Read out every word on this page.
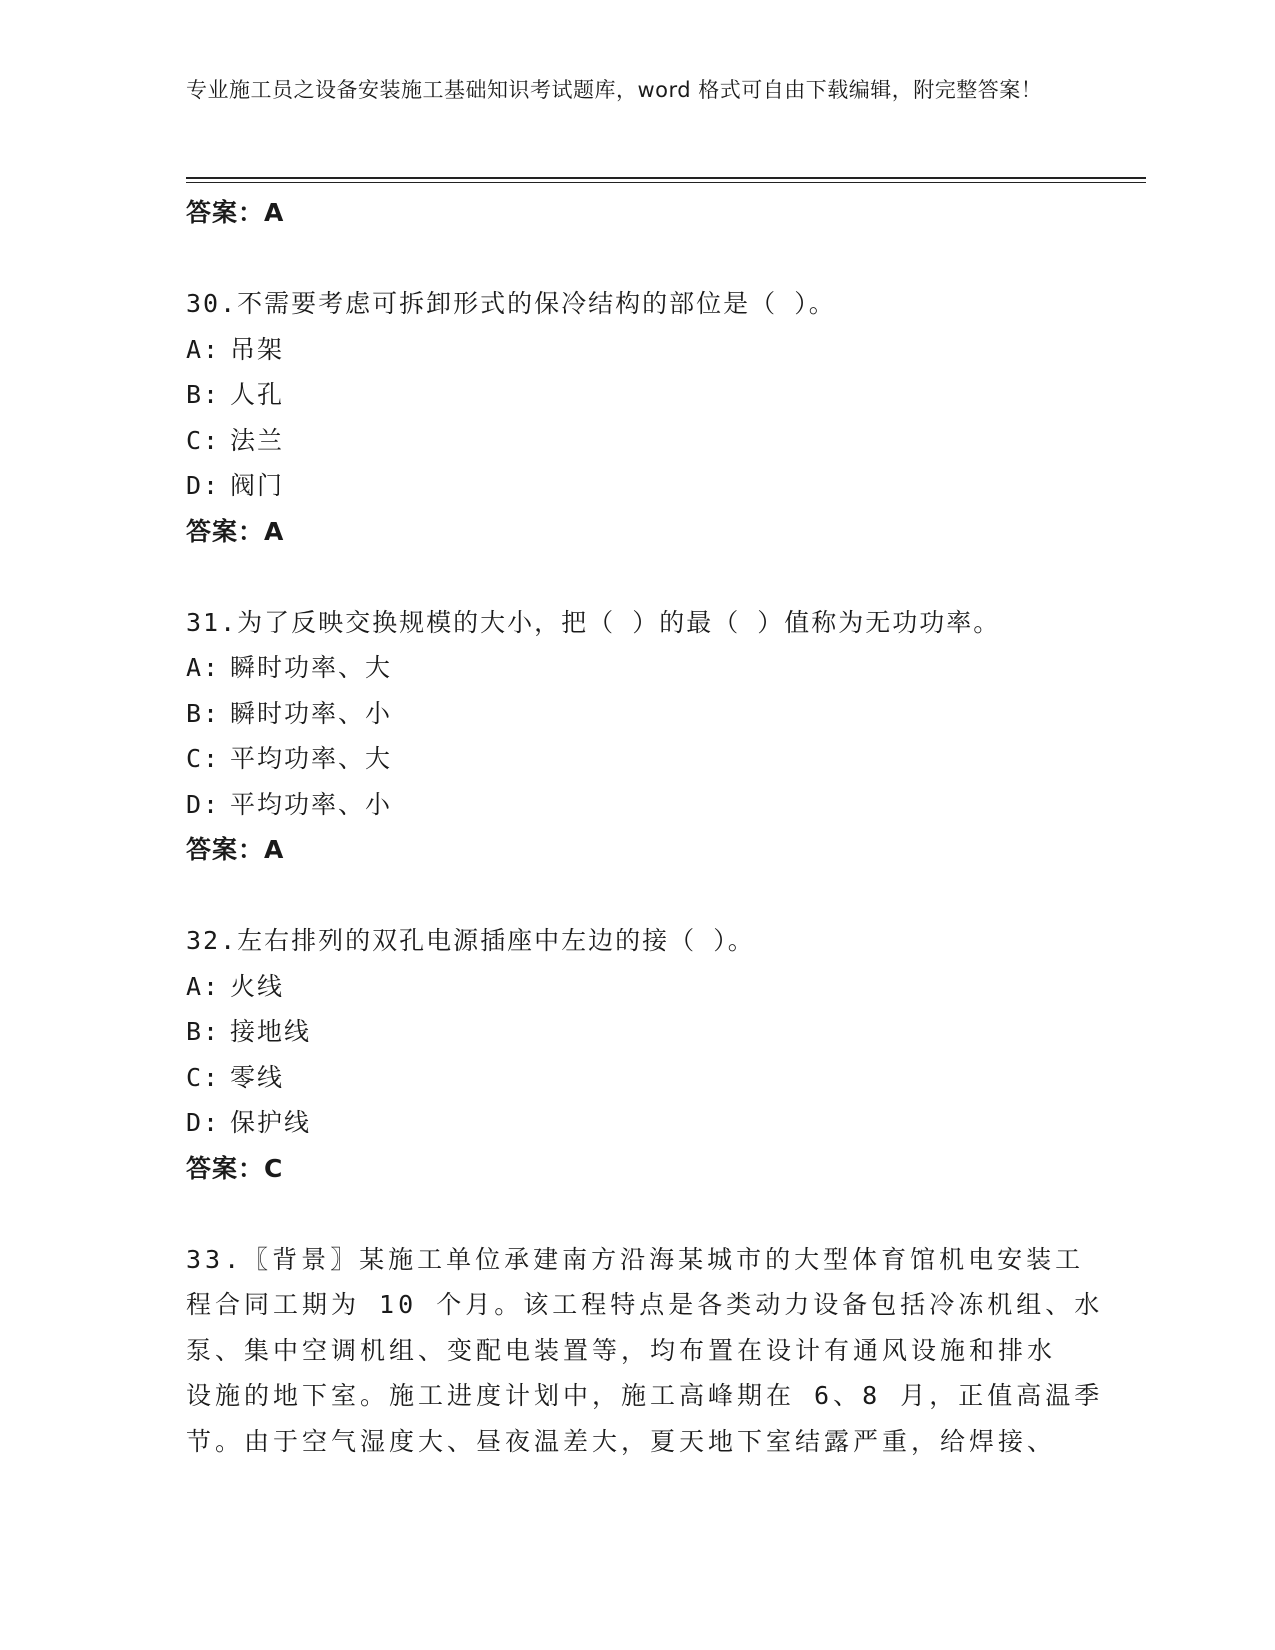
专业施工员之设备安装施工基础知识考试题库，word 格式可自由下载编辑，附完整答案！
答案：A
30.不需要考虑可拆卸形式的保冷结构的部位是（ ）。
A: 吊架
B: 人孔
C: 法兰
D: 阀门
答案：A
31.为了反映交换规模的大小，把（ ）的最（ ）值称为无功功率。
A: 瞬时功率、大
B: 瞬时功率、小
C: 平均功率、大
D: 平均功率、小
答案：A
32.左右排列的双孔电源插座中左边的接（ ）。
A: 火线
B: 接地线
C: 零线
D: 保护线
答案：C
33.〖背景〗某施工单位承建南方沿海某城市的大型体育馆机电安装工
程合同工期为 10 个月。该工程特点是各类动力设备包括冷冻机组、水
泵、集中空调机组、变配电装置等，均布置在设计有通风设施和排水
设施的地下室。施工进度计划中，施工高峰期在 6、8 月，正值高温季
节。由于空气湿度大、昼夜温差大，夏天地下室结露严重，给焊接、
